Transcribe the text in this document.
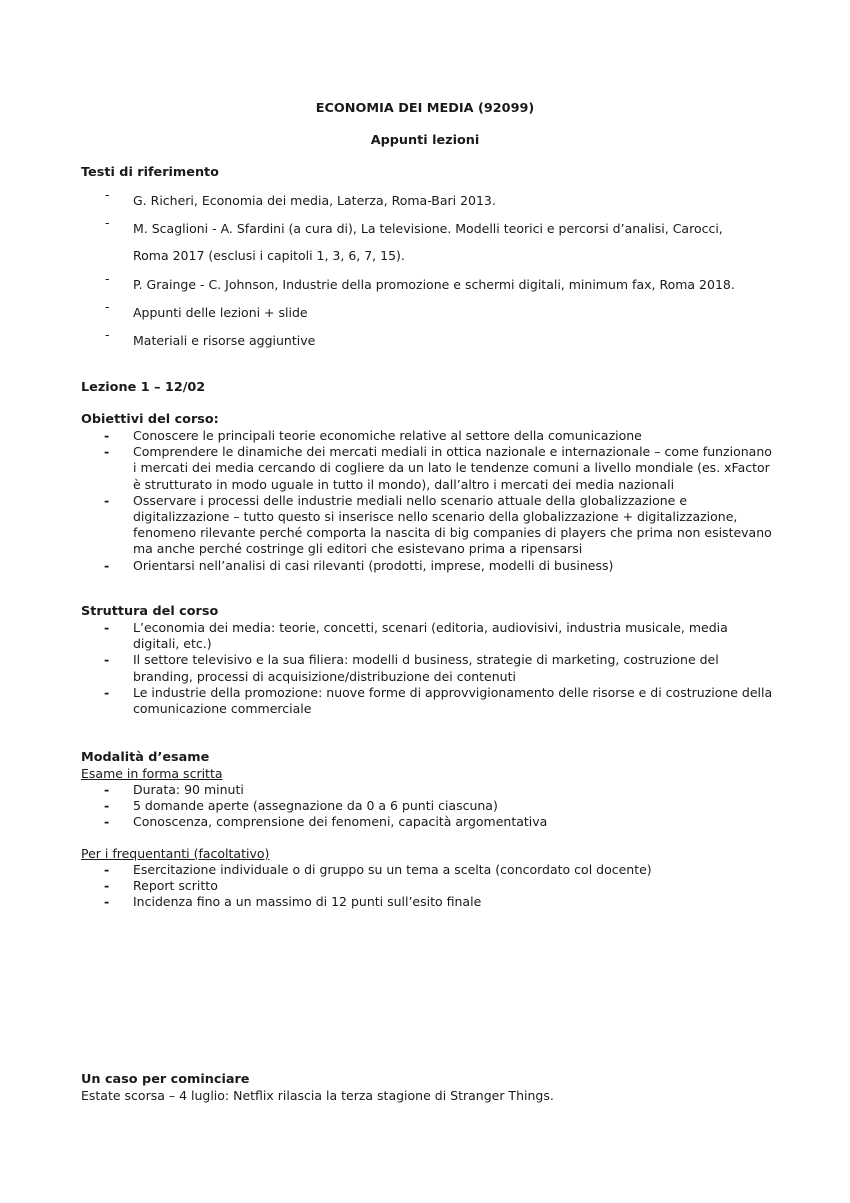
ECONOMIA DEI MEDIA (92099)
Appunti lezioni
Testi di riferimento
- G. Richeri, Economia dei media, Laterza, Roma-Bari 2013.
- M. Scaglioni - A. Sfardini (a cura di), La televisione. Modelli teorici e percorsi d’analisi, Carocci, Roma 2017 (esclusi i capitoli 1, 3, 6, 7, 15).
- P. Grainge - C. Johnson, Industrie della promozione e schermi digitali, minimum fax, Roma 2018.
- Appunti delle lezioni + slide
- Materiali e risorse aggiuntive
Lezione 1 – 12/02
Obiettivi del corso:
- Conoscere le principali teorie economiche relative al settore della comunicazione
- Comprendere le dinamiche dei mercati mediali in ottica nazionale e internazionale – come funzionano i mercati dei media cercando di cogliere da un lato le tendenze comuni a livello mondiale (es. xFactor è strutturato in modo uguale in tutto il mondo), dall’altro i mercati dei media nazionali
- Osservare i processi delle industrie mediali nello scenario attuale della globalizzazione e digitalizzazione – tutto questo si inserisce nello scenario della globalizzazione + digitalizzazione, fenomeno rilevante perché comporta la nascita di big companies di players che prima non esistevano ma anche perché costringe gli editori che esistevano prima a ripensarsi
- Orientarsi nell’analisi di casi rilevanti (prodotti, imprese, modelli di business)
Struttura del corso
- L’economia dei media: teorie, concetti, scenari (editoria, audiovisivi, industria musicale, media digitali, etc.)
- Il settore televisivo e la sua filiera: modelli d business, strategie di marketing, costruzione del branding, processi di acquisizione/distribuzione dei contenuti
- Le industrie della promozione: nuove forme di approvvigionamento delle risorse e di costruzione della comunicazione commerciale
Modalità d’esame
Esame in forma scritta
- Durata: 90 minuti
- 5 domande aperte (assegnazione da 0 a 6 punti ciascuna)
- Conoscenza, comprensione dei fenomeni, capacità argomentativa
Per i frequentanti (facoltativo)
- Esercitazione individuale o di gruppo su un tema a scelta (concordato col docente)
- Report scritto
- Incidenza fino a un massimo di 12 punti sull’esito finale
Un caso per cominciare
Estate scorsa – 4 luglio: Netflix rilascia la terza stagione di Stranger Things.
